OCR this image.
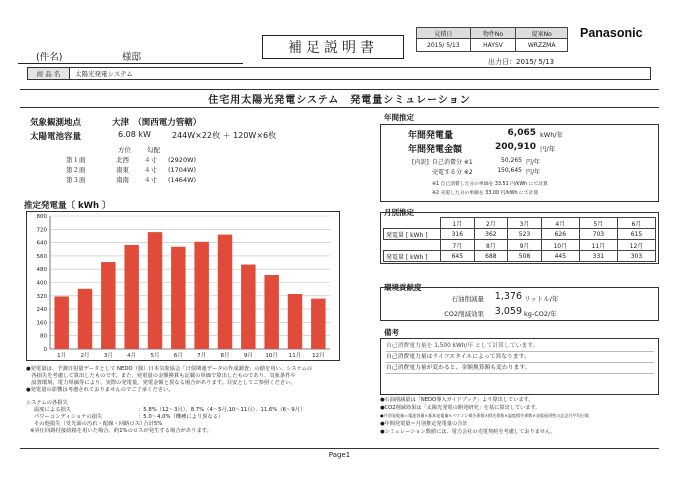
補足説明書
見積日	物件No	提案No
2015/ 5/13	HAYSV	WRZZMA
Panasonic
出力日：2015/ 5/13
(件名)	様邸
商 品 名	太陽光発電システム
住宅用太陽光発電システム　発電量シミュレーション
気象観測地点	大津　（関西電力管轄）
太陽電池容量	6.08 kW	244W×22枚 ＋ 120W×6枚
方位 勾配
第１面	北西	４寸	(2920W)
第２面	南東	４寸	(1704W)
第３面	南南	４寸	(1464W)
推定発電量〔 kWh 〕
0
80
160
240
320
400
480
560
640
720
800
1月	2月	3月	4月	5月	6月	7月	8月	9月 10月 11月 12月
●発電量は、予測日射量データとして NEDO（独）日本気象協会「日射関連データの作成調査」の値を用い、システムの
　各損失を考慮して算出したものです。また、発電量の金額換算も記載の単価で算出したものであり、気象条件や
　設置環境、電力単価等により、実際の発電量、発電金額と異なる場合があります。目安としてご参照ください。
●発電量の影響は考慮されておりませんのでご了承ください。
システムの各損失
温度による損失	：5.8%（12～3月）、8.7%（4～5月,10～11月）、11.6%（6～9月）
パワーコンディショナの損失	：5.0～4.0%（機種により異なる）
その他損失（受光面の汚れ・配線・回路ロス）
：合計5%
※昇圧回路付接続箱を用いた場合、約1%のロスが発生する場合があります。
年間推定
年間発電量	6,065 kWh/年
年間発電金額	200,910 円/年
[内訳] 自己消費分 ※1	50,265 円/年
売電する分 ※2	150,645 円/年
※1 自己消費した分の単価を 33.51 円/kWh にて計算
※2 売電した分の単価を 33.00 円/kWh にて計算
月別推定
	1月	2月	3月	4月	5月	6月
発電量 [ kWh ]	316	362	523	626	703	615
	7月	8月	9月	10月	11月	12月
発電量 [ kWh ]	645	688	508	445	331	303
環境貢献度
石油削減量	1,376 リットル/年
CO2削減効果	3,059 kg-CO2/年
備考
自己消費電力量を 1,500 kWh/年 として計算しています。
自己消費電力量はライフスタイルによって異なります。
自己消費電力量が変わると、金額換算額も変わります。
●石油削減量は「NEDO導入ガイドブック」より算出しています。
●CO2削減効果は「太陽光発電の開発研究」を基に算出しています。
●月別発電量＝電池容量×基本発電量×パワコン損失係数×損失係数×温度損失係数×発電経済性の記念月平均日数
●年間発電量＝月別推定発電量の合計
●シミュレーション数値には、電力会社の売電契約を考慮しておりません。
Page1
